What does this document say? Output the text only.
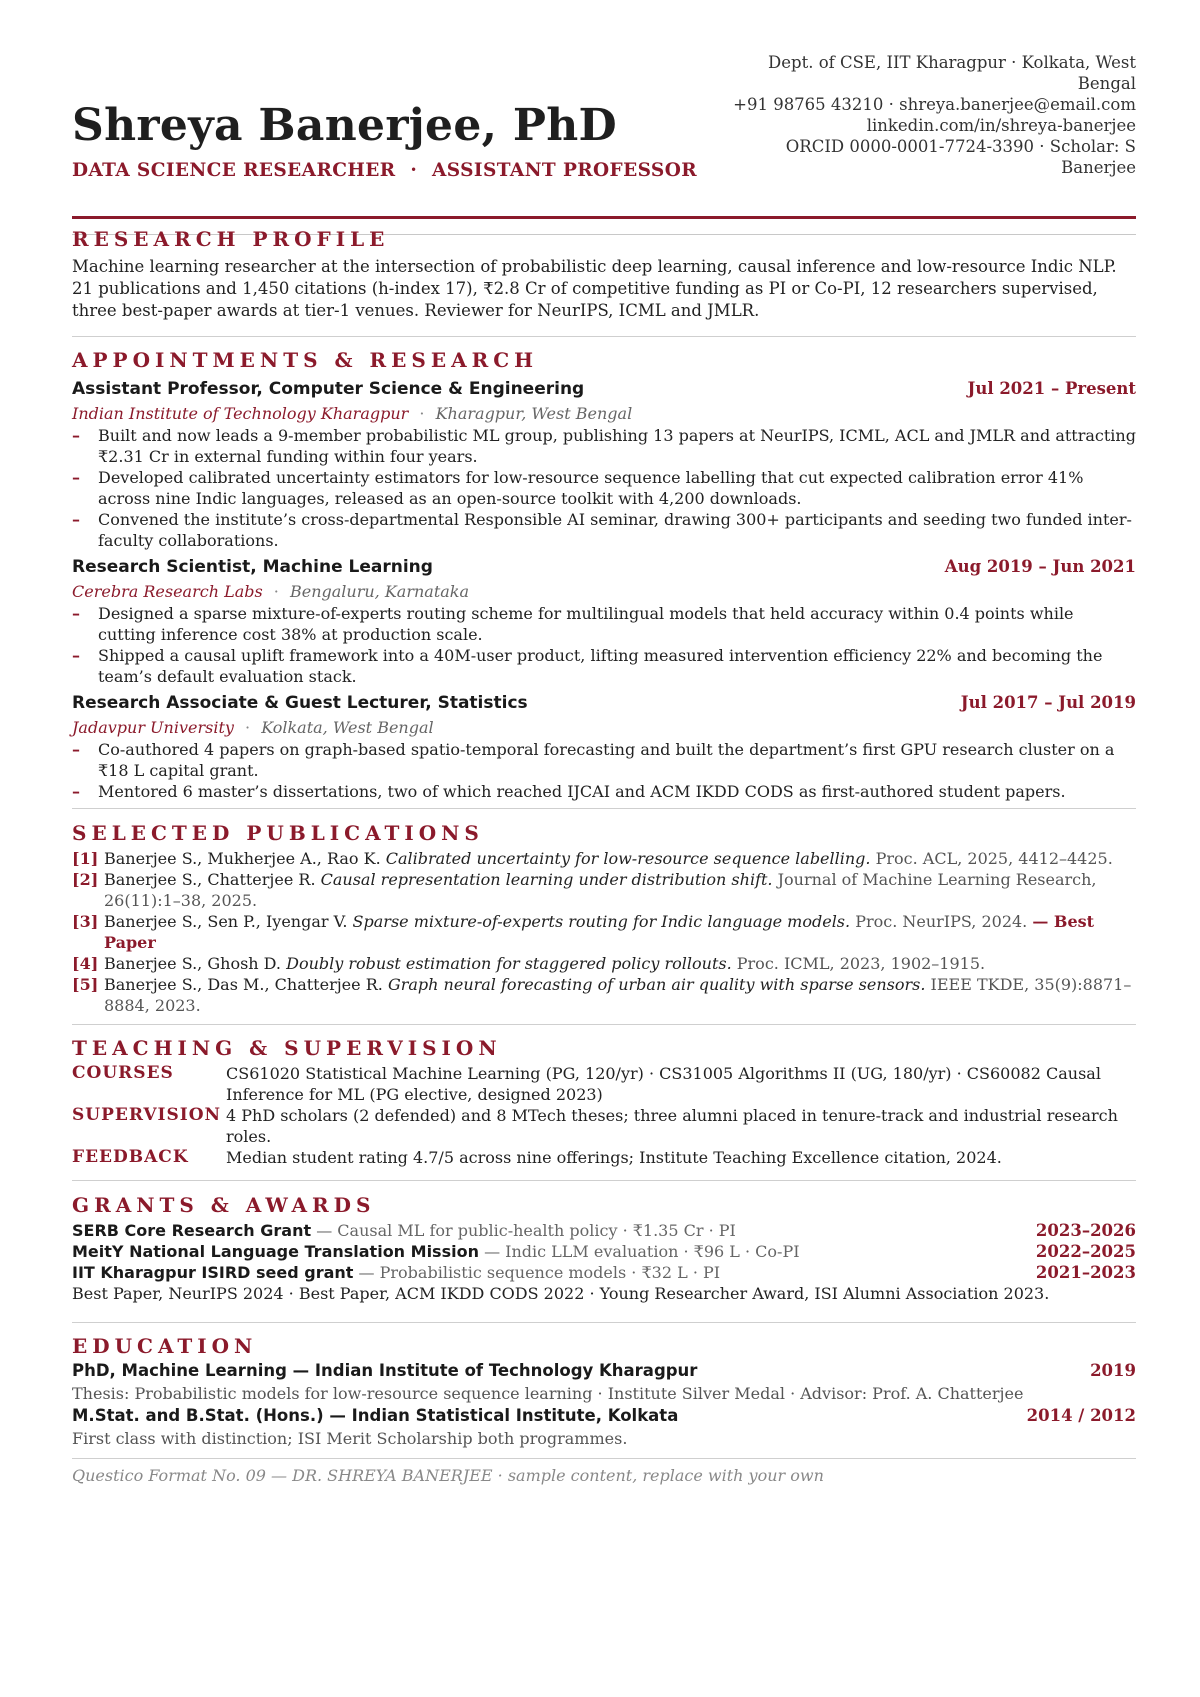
Shreya Banerjee, PhD
DATA SCIENCE RESEARCHER · ASSISTANT PROFESSOR
Dept. of CSE, IIT Kharagpur · Kolkata, West
Bengal
+91 98765 43210 · shreya.banerjee@email.com
linkedin.com/in/shreya-banerjee
ORCID 0000-0001-7724-3390 · Scholar: S
Banerjee
RESEARCH PROFILE
Machine learning researcher at the intersection of probabilistic deep learning, causal inference and low-resource Indic NLP. 21 publications and 1,450 citations (h-index 17), ₹2.8 Cr of competitive funding as PI or Co-PI, 12 researchers supervised, three best-paper awards at tier-1 venues. Reviewer for NeurIPS, ICML and JMLR.
APPOINTMENTS & RESEARCH
Assistant Professor, Computer Science & Engineering	Jul 2021 – Present
Indian Institute of Technology Kharagpur · Kharagpur, West Bengal
– Built and now leads a 9-member probabilistic ML group, publishing 13 papers at NeurIPS, ICML, ACL and JMLR and attracting ₹2.31 Cr in external funding within four years.
– Developed calibrated uncertainty estimators for low-resource sequence labelling that cut expected calibration error 41% across nine Indic languages, released as an open-source toolkit with 4,200 downloads.
– Convened the institute’s cross-departmental Responsible AI seminar, drawing 300+ participants and seeding two funded inter-faculty collaborations.
Research Scientist, Machine Learning	Aug 2019 – Jun 2021
Cerebra Research Labs · Bengaluru, Karnataka
– Designed a sparse mixture-of-experts routing scheme for multilingual models that held accuracy within 0.4 points while cutting inference cost 38% at production scale.
– Shipped a causal uplift framework into a 40M-user product, lifting measured intervention efficiency 22% and becoming the team’s default evaluation stack.
Research Associate & Guest Lecturer, Statistics	Jul 2017 – Jul 2019
Jadavpur University · Kolkata, West Bengal
– Co-authored 4 papers on graph-based spatio-temporal forecasting and built the department’s first GPU research cluster on a ₹18 L capital grant.
– Mentored 6 master’s dissertations, two of which reached IJCAI and ACM IKDD CODS as first-authored student papers.
SELECTED PUBLICATIONS
[1] Banerjee S., Mukherjee A., Rao K. Calibrated uncertainty for low-resource sequence labelling. Proc. ACL, 2025, 4412–4425.
[2] Banerjee S., Chatterjee R. Causal representation learning under distribution shift. Journal of Machine Learning Research, 26(11):1–38, 2025.
[3] Banerjee S., Sen P., Iyengar V. Sparse mixture-of-experts routing for Indic language models. Proc. NeurIPS, 2024. — Best Paper
[4] Banerjee S., Ghosh D. Doubly robust estimation for staggered policy rollouts. Proc. ICML, 2023, 1902–1915.
[5] Banerjee S., Das M., Chatterjee R. Graph neural forecasting of urban air quality with sparse sensors. IEEE TKDE, 35(9):8871–8884, 2023.
TEACHING & SUPERVISION
COURSES	CS61020 Statistical Machine Learning (PG, 120/yr) · CS31005 Algorithms II (UG, 180/yr) · CS60082 Causal Inference for ML (PG elective, designed 2023)
SUPERVISION 4 PhD scholars (2 defended) and 8 MTech theses; three alumni placed in tenure-track and industrial research roles.
FEEDBACK	Median student rating 4.7/5 across nine offerings; Institute Teaching Excellence citation, 2024.
GRANTS & AWARDS
SERB Core Research Grant — Causal ML for public-health policy · ₹1.35 Cr · PI	2023–2026
MeitY National Language Translation Mission — Indic LLM evaluation · ₹96 L · Co-PI	2022–2025
IIT Kharagpur ISIRD seed grant — Probabilistic sequence models · ₹32 L · PI	2021–2023
Best Paper, NeurIPS 2024 · Best Paper, ACM IKDD CODS 2022 · Young Researcher Award, ISI Alumni Association 2023.
EDUCATION
PhD, Machine Learning — Indian Institute of Technology Kharagpur	2019
Thesis: Probabilistic models for low-resource sequence learning · Institute Silver Medal · Advisor: Prof. A. Chatterjee
M.Stat. and B.Stat. (Hons.) — Indian Statistical Institute, Kolkata	2014 / 2012
First class with distinction; ISI Merit Scholarship both programmes.
Questico Format No. 09 — DR. SHREYA BANERJEE · sample content, replace with your own
